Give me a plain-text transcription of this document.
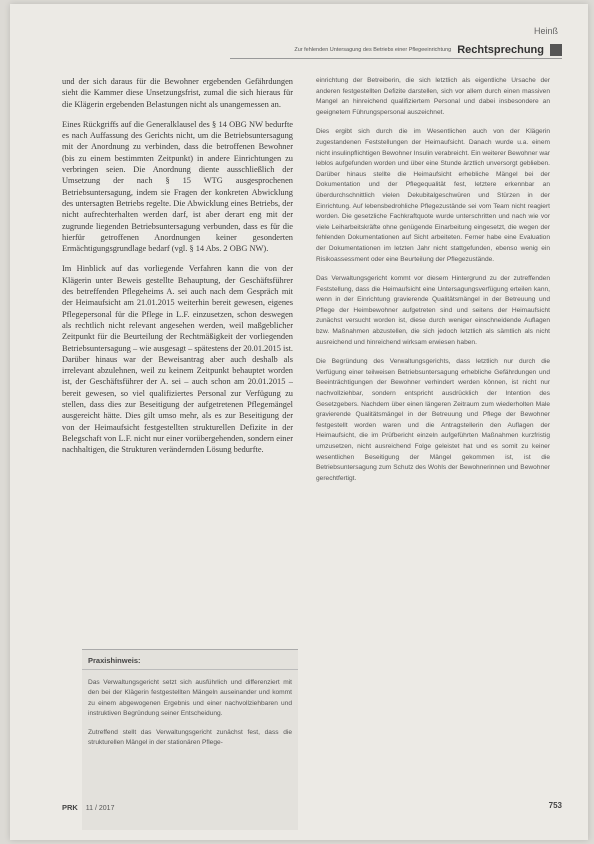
Heinß
Zur fehlenden Untersagung des Betriebs einer Pflegeeinrichtung Rechtsprechung

und der sich daraus für die Bewohner ergebenden Gefährdungen sieht die Kammer diese Unsetzungsfrist, zumal die sich hieraus für die Klägerin ergebenden Belastungen nicht als unangemessen an.

Eines Rückgriffs auf die Generalklausel des § 14 OBG NW bedurfte es nach Auffassung des Gerichts nicht, um die Betriebsuntersagung mit der Anordnung zu verbinden, dass die betroffenen Bewohner (bis zu einem bestimmten Zeitpunkt) in andere Einrichtungen zu verbringen seien. Die Anordnung diente ausschließlich der Umsetzung der nach § 15 WTG ausgesprochenen Betriebsuntersagung, indem sie Fragen der konkreten Abwicklung des untersagten Betriebs regelte. Die Abwicklung eines Betriebs, der nicht aufrechterhalten werden darf, ist aber derart eng mit der zugrunde liegenden Betriebsuntersagung verbunden, dass es für die hierfür getroffenen Anordnungen keiner gesonderten Ermächtigungsgrundlage bedarf (vgl. § 14 Abs. 2 OBG NW).

Im Hinblick auf das vorliegende Verfahren kann die von der Klägerin unter Beweis gestellte Behauptung, der Geschäftsführer des betreffenden Pflegeheims A. sei auch nach dem Gespräch mit der Heimaufsicht am 21.01.2015 weiterhin bereit gewesen, eigenes Pflegepersonal für die Pflege in L.F. einzusetzen, schon deswegen als rechtlich nicht relevant angesehen werden, weil maßgeblicher Zeitpunkt für die Beurteilung der Rechtmäßigkeit der vorliegenden Betriebsuntersagung – wie ausgesagt – spätestens der 20.01.2015 ist. Darüber hinaus war der Beweisantrag aber auch deshalb als irrelevant abzulehnen, weil zu keinem Zeitpunkt behauptet worden ist, der Geschäftsführer der A. sei – auch schon am 20.01.2015 – bereit gewesen, so viel qualifiziertes Personal zur Verfügung zu stellen, dass dies zur Beseitigung der aufgetretenen Pflegemängel ausgereicht hätte. Dies gilt umso mehr, als es zur Beseitigung der von der Heimaufsicht festgestellten strukturellen Defizite in der Belegschaft von L.F. nicht nur einer vorübergehenden, sondern einer nachhaltigen, die Strukturen verändernden Lösung bedurfte.

Praxishinweis:

Das Verwaltungsgericht setzt sich ausführlich und differenziert mit den bei der Klägerin festgestellten Mängeln auseinander und kommt zu einem abgewogenen Ergebnis und einer nachvollziehbaren und instruktiven Begründung seiner Entscheidung.

Zutreffend stellt das Verwaltungsgericht zunächst fest, dass die strukturellen Mängel in der stationären Pflege-

einrichtung der Betreiberin, die sich letztlich als eigentliche Ursache der anderen festgestellten Defizite darstellen, sich vor allem durch einen massiven Mangel an hinreichend qualifiziertem Personal und dabei insbesondere an geeignetem Führungspersonal auszeichnet.

Dies ergibt sich durch die im Wesentlichen auch von der Klägerin zugestandenen Feststellungen der Heimaufsicht. Danach wurde u.a. einem nicht insulinpflichtigen Bewohner Insulin verabreicht. Ein weiterer Bewohner war leblos aufgefunden worden und über eine Stunde ärztlich unversorgt geblieben. Darüber hinaus stellte die Heimaufsicht erhebliche Mängel bei der Dokumentation und der Pflegequalität fest, letztere erkennbar an überdurchschnittlich vielen Dekubitalgeschwüren und Stürzen in der Einrichtung. Auf lebensbedrohliche Pflegezustände sei vom Team nicht reagiert worden. Die gesetzliche Fachkraftquote wurde unterschritten und nach wie vor viele Leiharbeitskräfte ohne genügende Einarbeitung eingesetzt, die wegen der fehlenden Dokumentationen auf Sicht arbeiteten. Ferner habe eine Evaluation der Dokumentationen im letzten Jahr nicht stattgefunden, ebenso wenig ein Risikoassessment oder eine Beurteilung der Pflegezustände.

Das Verwaltungsgericht kommt vor diesem Hintergrund zu der zutreffenden Feststellung, dass die Heimaufsicht eine Untersagungsverfügung erteilen kann, wenn in der Einrichtung gravierende Qualitätsmängel in der Betreuung und Pflege der Heimbewohner aufgetreten sind und seitens der Heimaufsicht zunächst versucht worden ist, diese durch weniger einschneidende Auflagen bzw. Maßnahmen abzustellen, die sich jedoch letztlich als sämtlich als nicht ausreichend und hinreichend wirksam erwiesen haben.

Die Begründung des Verwaltungsgerichts, dass letztlich nur durch die Verfügung einer teilweisen Betriebsuntersagung erhebliche Gefährdungen und Beeinträchtigungen der Bewohner verhindert werden können, ist nicht nur nachvollziehbar, sondern entspricht ausdrücklich der Intention des Gesetzgebers. Nachdem über einen längeren Zeitraum zum wiederholten Male gravierende Qualitätsmängel in der Betreuung und Pflege der Bewohner festgestellt worden waren und die Antragstellerin den Auflagen der Heimaufsicht, die im Prüfbericht einzeln aufgeführten Maßnahmen kurzfristig umzusetzen, nicht ausreichend Folge geleistet hat und es somit zu keiner wesentlichen Beseitigung der Mängel gekommen ist, ist die Betriebsuntersagung zum Schutz des Wohls der Bewohnerinnen und Bewohner gerechtfertigt.

PRK 11 / 2017	753
